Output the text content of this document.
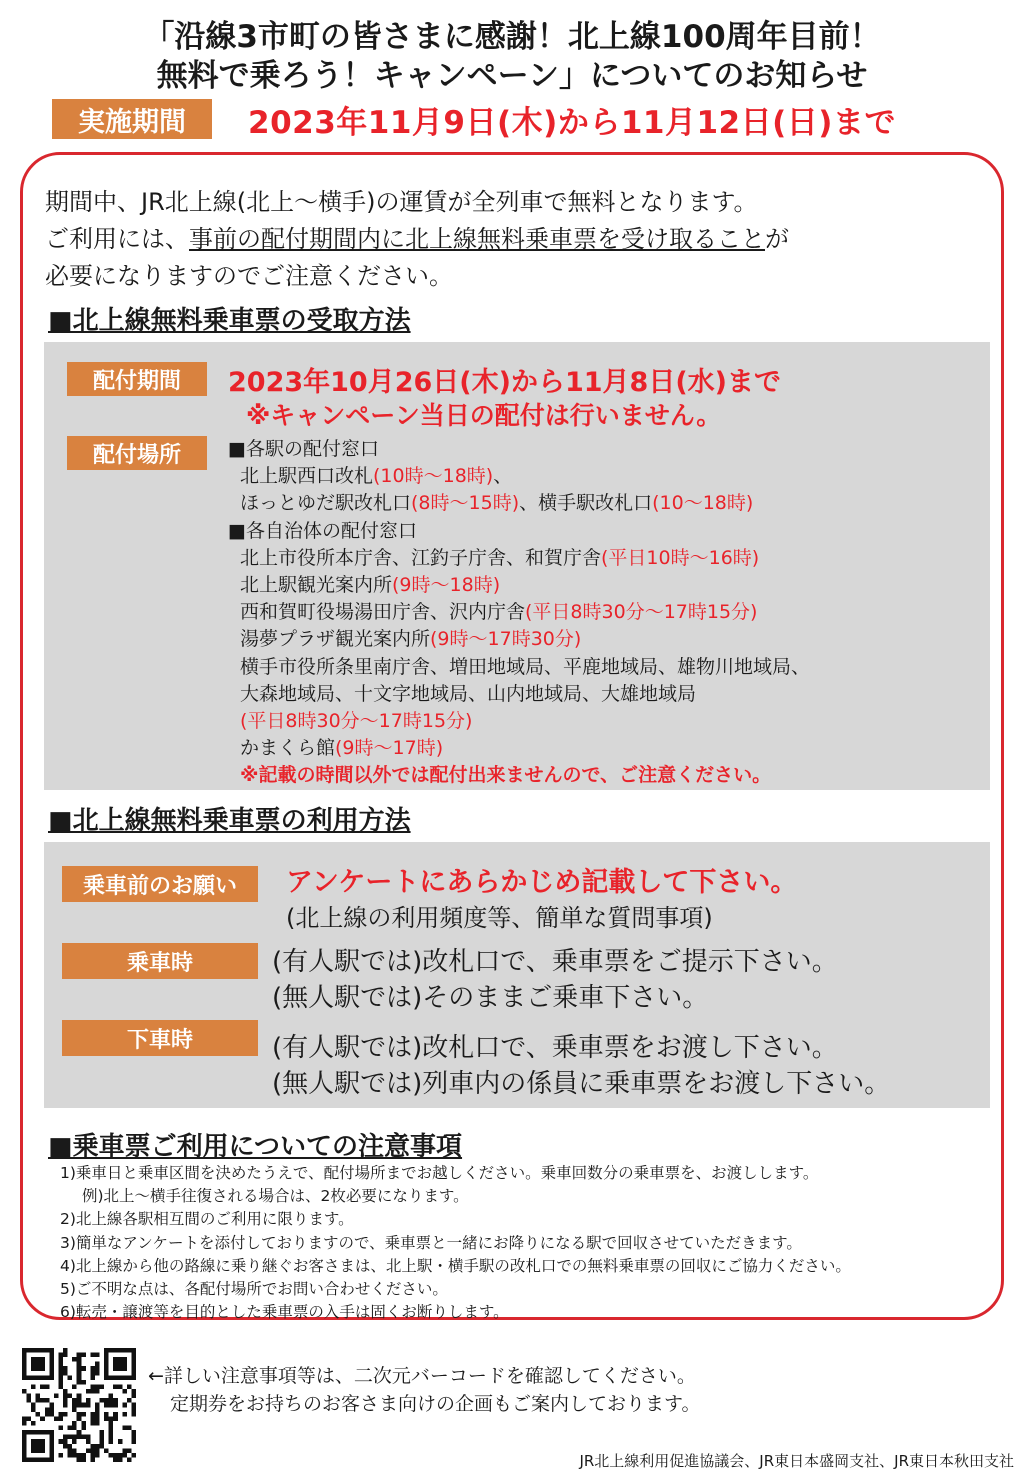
「沿線3市町の皆さまに感謝！北上線100周年目前！
無料で乗ろう！キャンペーン」についてのお知らせ
実施期間	2023年11月9日(木)から11月12日(日)まで
期間中、JR北上線(北上〜横手)の運賃が全列車で無料となります。
ご利用には、事前の配付期間内に北上線無料乗車票を受け取ることが
必要になりますのでご注意ください。
■北上線無料乗車票の受取方法
配付期間	2023年10月26日(木)から11月8日(水)まで
※キャンペーン当日の配付は行いません。
配付場所	■各駅の配付窓口
北上駅西口改札(10時〜18時)、
ほっとゆだ駅改札口(8時〜15時)、横手駅改札口(10〜18時)
■各自治体の配付窓口
北上市役所本庁舎、江釣子庁舎、和賀庁舎(平日10時〜16時)
北上駅観光案内所(9時〜18時)
西和賀町役場湯田庁舎、沢内庁舎(平日8時30分〜17時15分)
湯夢プラザ観光案内所(9時〜17時30分)
横手市役所条里南庁舎、増田地域局、平鹿地域局、雄物川地域局、
大森地域局、十文字地域局、山内地域局、大雄地域局
(平日8時30分〜17時15分)
かまくら館(9時〜17時)
※記載の時間以外では配付出来ませんので、ご注意ください。
■北上線無料乗車票の利用方法
乗車前のお願い	アンケートにあらかじめ記載して下さい。
(北上線の利用頻度等、簡単な質問事項)
乗車時	(有人駅では)改札口で、乗車票をご提示下さい。
(無人駅では)そのままご乗車下さい。
下車時	(有人駅では)改札口で、乗車票をお渡し下さい。
(無人駅では)列車内の係員に乗車票をお渡し下さい。
■乗車票ご利用についての注意事項
1)乗車日と乗車区間を決めたうえで、配付場所までお越しください。乗車回数分の乗車票を、お渡しします。
例)北上〜横手往復される場合は、2枚必要になります。
2)北上線各駅相互間のご利用に限ります。
3)簡単なアンケートを添付しておりますので、乗車票と一緒にお降りになる駅で回収させていただきます。
4)北上線から他の路線に乗り継ぐお客さまは、北上駅・横手駅の改札口での無料乗車票の回収にご協力ください。
5)ご不明な点は、各配付場所でお問い合わせください。
6)転売・譲渡等を目的とした乗車票の入手は固くお断りします。
←詳しい注意事項等は、二次元バーコードを確認してください。
定期券をお持ちのお客さま向けの企画もご案内しております。
JR北上線利用促進協議会、JR東日本盛岡支社、JR東日本秋田支社
